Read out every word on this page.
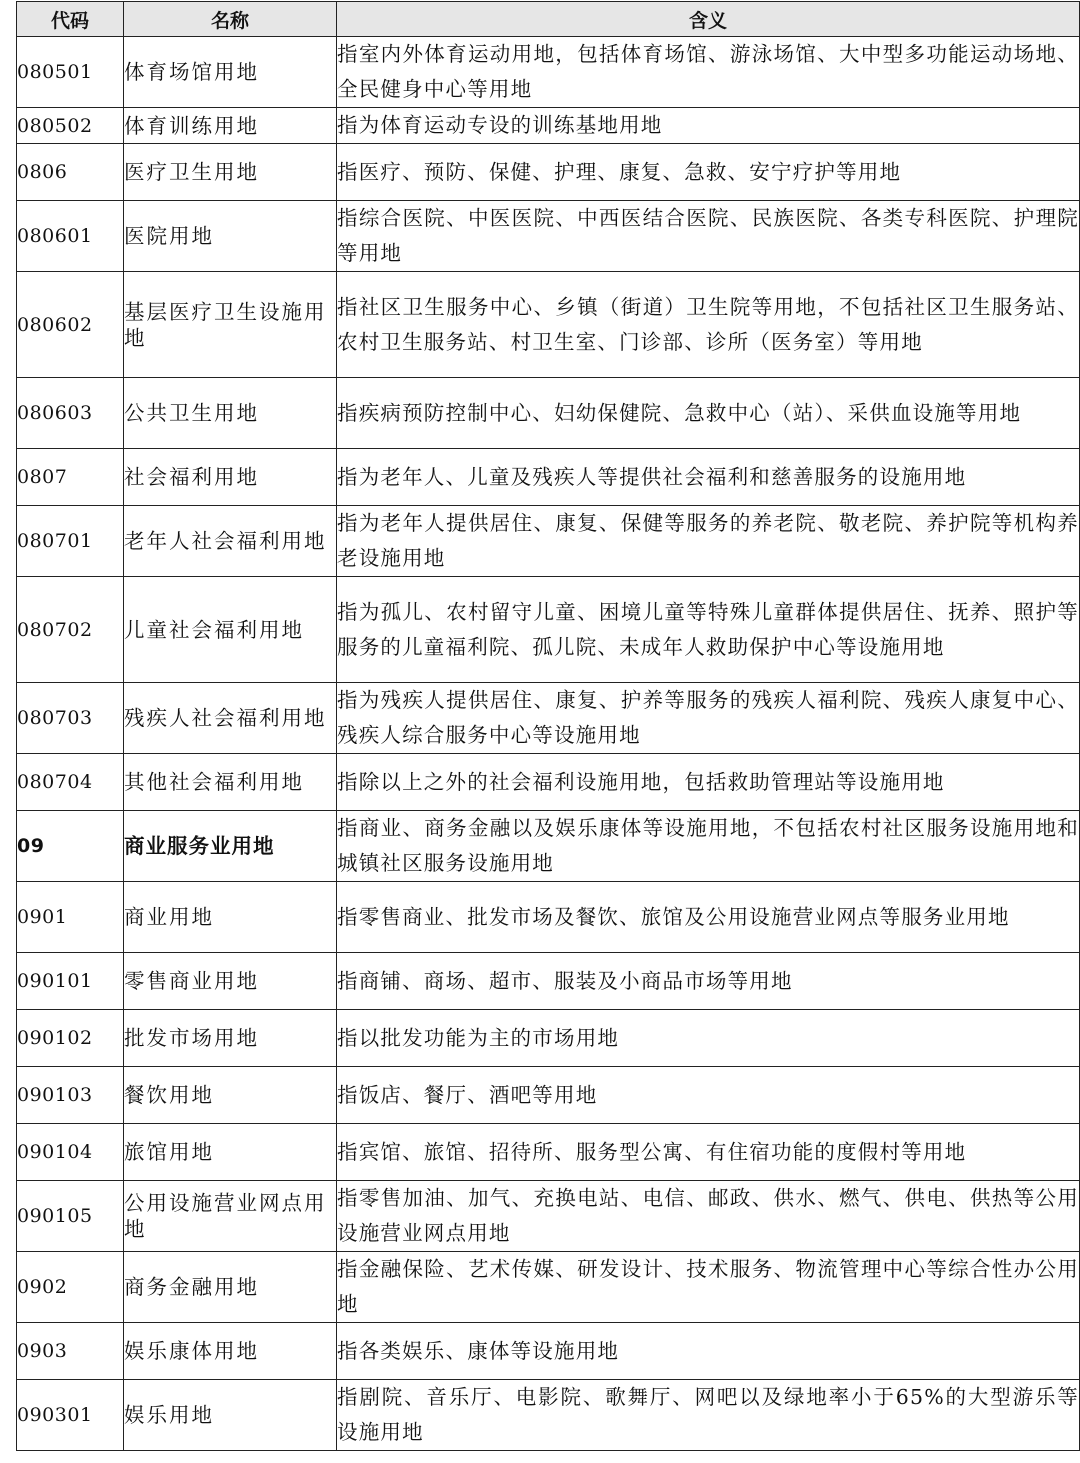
代码	名称	含义
080501	体育场馆用地	指室内外体育运动用地，包括体育场馆、游泳场馆、大中型多功能运动场地、全民健身中心等用地
080502	体育训练用地	指为体育运动专设的训练基地用地
0806	医疗卫生用地	指医疗、预防、保健、护理、康复、急救、安宁疗护等用地
080601	医院用地	指综合医院、中医医院、中西医结合医院、民族医院、各类专科医院、护理院等用地
080602	基层医疗卫生设施用地	指社区卫生服务中心、乡镇（街道）卫生院等用地，不包括社区卫生服务站、农村卫生服务站、村卫生室、门诊部、诊所（医务室）等用地
080603	公共卫生用地	指疾病预防控制中心、妇幼保健院、急救中心（站）、采供血设施等用地
0807	社会福利用地	指为老年人、儿童及残疾人等提供社会福利和慈善服务的设施用地
080701	老年人社会福利用地	指为老年人提供居住、康复、保健等服务的养老院、敬老院、养护院等机构养老设施用地
080702	儿童社会福利用地	指为孤儿、农村留守儿童、困境儿童等特殊儿童群体提供居住、抚养、照护等服务的儿童福利院、孤儿院、未成年人救助保护中心等设施用地
080703	残疾人社会福利用地	指为残疾人提供居住、康复、护养等服务的残疾人福利院、残疾人康复中心、残疾人综合服务中心等设施用地
080704	其他社会福利用地	指除以上之外的社会福利设施用地，包括救助管理站等设施用地
09	商业服务业用地	指商业、商务金融以及娱乐康体等设施用地，不包括农村社区服务设施用地和城镇社区服务设施用地
0901	商业用地	指零售商业、批发市场及餐饮、旅馆及公用设施营业网点等服务业用地
090101	零售商业用地	指商铺、商场、超市、服装及小商品市场等用地
090102	批发市场用地	指以批发功能为主的市场用地
090103	餐饮用地	指饭店、餐厅、酒吧等用地
090104	旅馆用地	指宾馆、旅馆、招待所、服务型公寓、有住宿功能的度假村等用地
090105	公用设施营业网点用地	指零售加油、加气、充换电站、电信、邮政、供水、燃气、供电、供热等公用设施营业网点用地
0902	商务金融用地	指金融保险、艺术传媒、研发设计、技术服务、物流管理中心等综合性办公用地
0903	娱乐康体用地	指各类娱乐、康体等设施用地
090301	娱乐用地	指剧院、音乐厅、电影院、歌舞厅、网吧以及绿地率小于65%的大型游乐等设施用地
